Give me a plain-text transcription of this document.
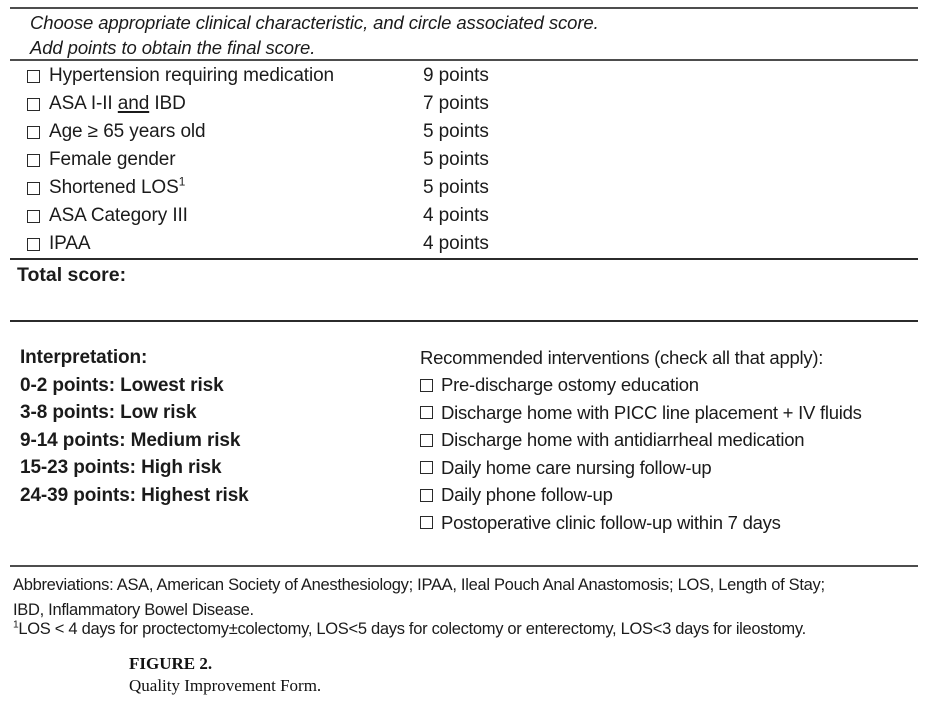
Choose appropriate clinical characteristic, and circle associated score.
Add points to obtain the final score.
Hypertension requiring medication	9 points
ASA I-II and IBD	7 points
Age ≥ 65 years old	5 points
Female gender	5 points
Shortened LOS$^1$	5 points
ASA Category III	4 points
IPAA	4 points
Total score:
Interpretation:
0-2 points: Lowest risk
3-8 points: Low risk
9-14 points: Medium risk
15-23 points: High risk
24-39 points: Highest risk
Recommended interventions (check all that apply):
Pre-discharge ostomy education
Discharge home with PICC line placement + IV fluids
Discharge home with antidiarrheal medication
Daily home care nursing follow-up
Daily phone follow-up
Postoperative clinic follow-up within 7 days
Abbreviations: ASA, American Society of Anesthesiology; IPAA, Ileal Pouch Anal Anastomosis; LOS, Length of Stay;
IBD, Inflammatory Bowel Disease.
$^1$LOS < 4 days for proctectomy±colectomy, LOS<5 days for colectomy or enterectomy, LOS<3 days for ileostomy.
FIGURE 2.
Quality Improvement Form.
